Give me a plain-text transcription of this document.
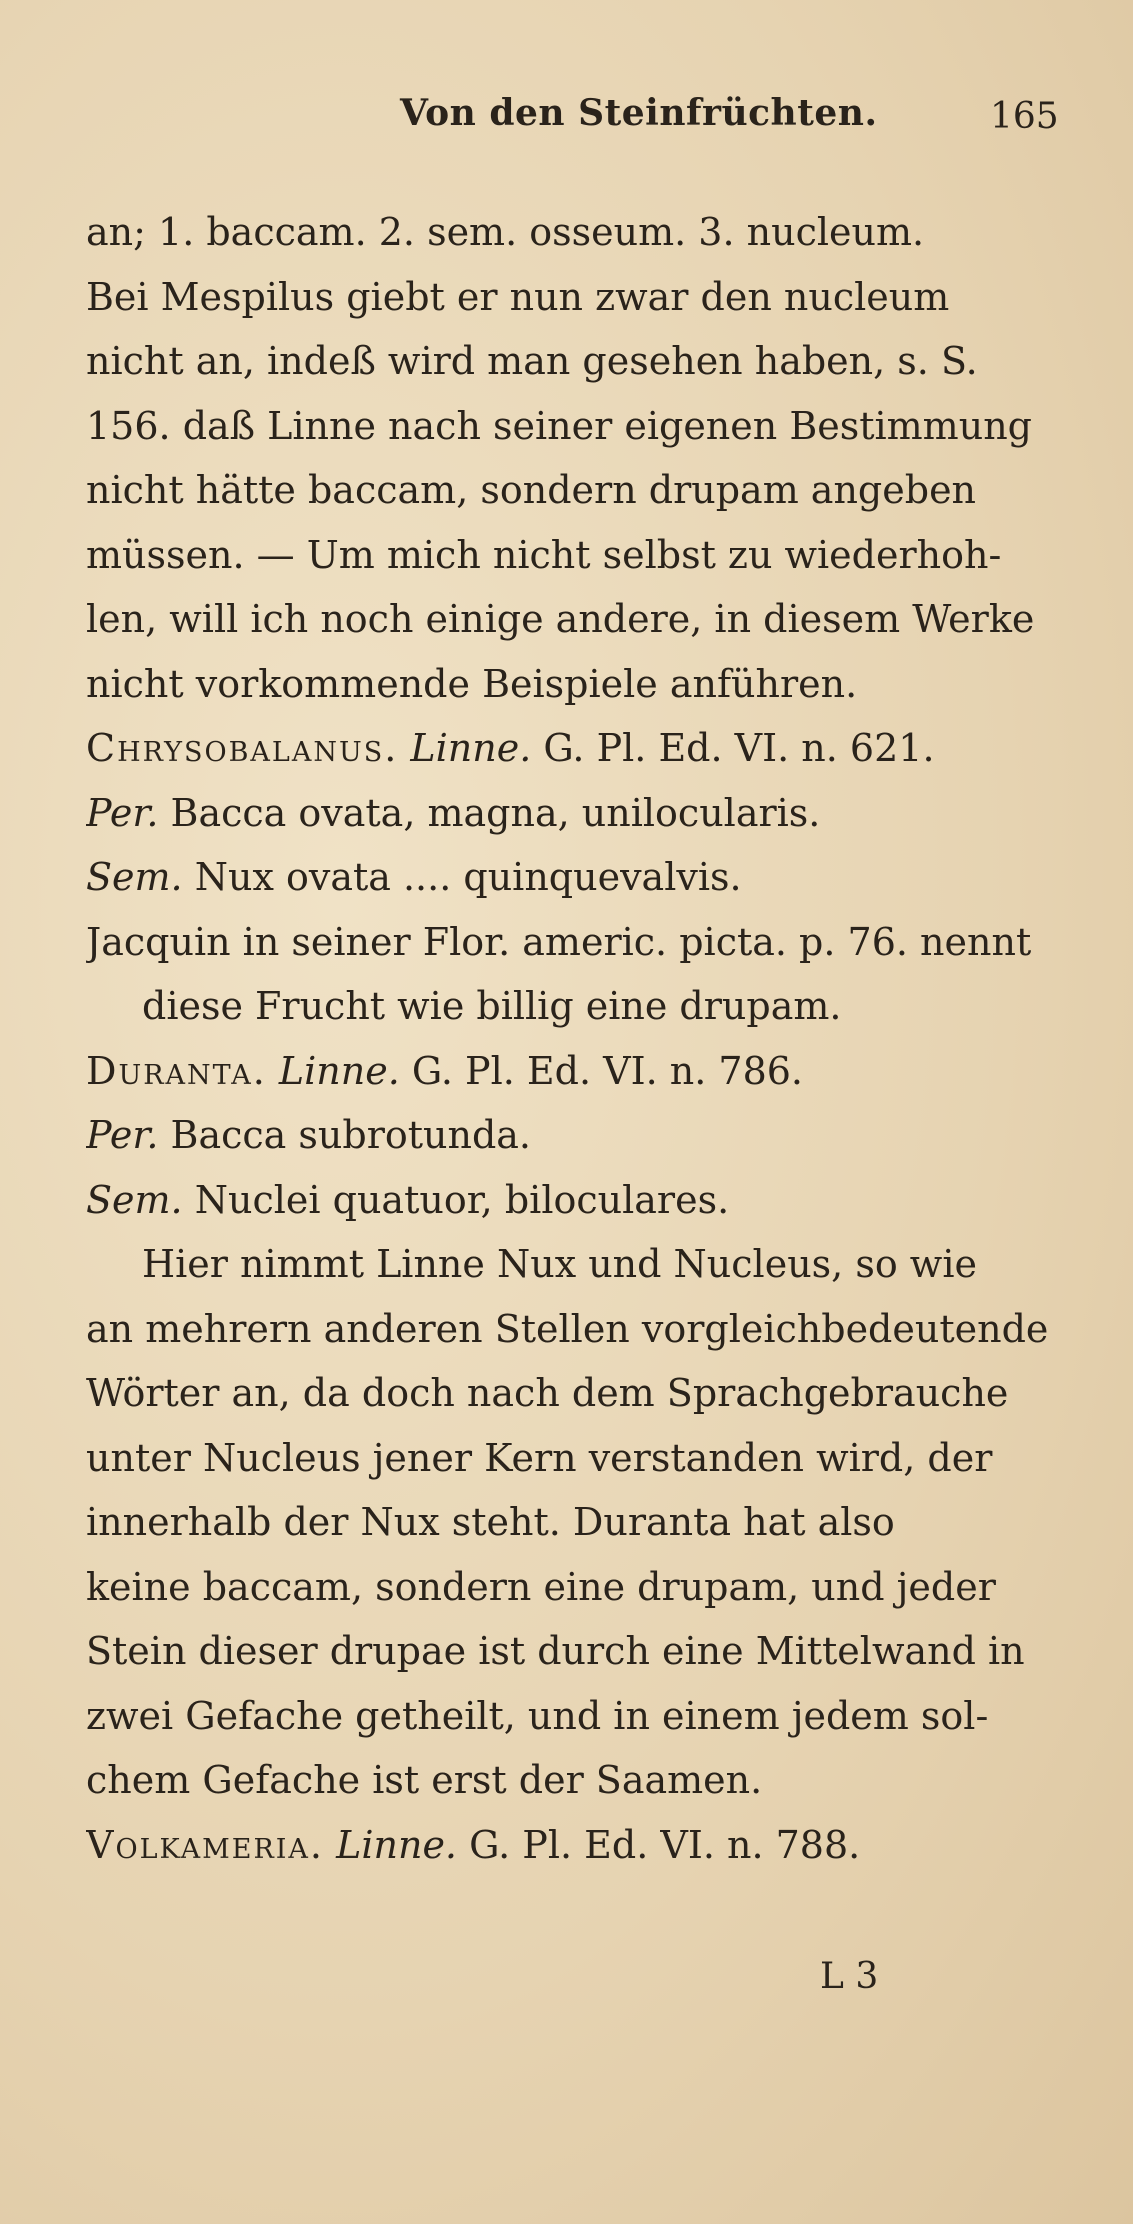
Von den Steinfrüchten.	165
an; 1. baccam. 2. sem. osseum. 3. nucleum.
Bei Mespilus giebt er nun zwar den nucleum
nicht an, indeß wird man gesehen haben, s. S.
156. daß Linne nach seiner eigenen Bestimmung
nicht hätte baccam, sondern drupam angeben
müssen. — Um mich nicht selbst zu wiederhoh-
len, will ich noch einige andere, in diesem Werke
nicht vorkommende Beispiele anführen.
Chrysobalanus. Linne. G. Pl. Ed. VI. n. 621.
Per. Bacca ovata, magna, unilocularis.
Sem. Nux ovata .... quinquevalvis.
Jacquin in seiner Flor. americ. picta. p. 76. nennt
diese Frucht wie billig eine drupam.
Duranta. Linne. G. Pl. Ed. VI. n. 786.
Per. Bacca subrotunda.
Sem. Nuclei quatuor, biloculares.
Hier nimmt Linne Nux und Nucleus, so wie
an mehrern anderen Stellen vorgleichbedeutende
Wörter an, da doch nach dem Sprachgebrauche
unter Nucleus jener Kern verstanden wird, der
innerhalb der Nux steht. Duranta hat also
keine baccam, sondern eine drupam, und jeder
Stein dieser drupae ist durch eine Mittelwand in
zwei Gefache getheilt, und in einem jedem sol-
chem Gefache ist erst der Saamen.
Volkameria. Linne. G. Pl. Ed. VI. n. 788.
L 3
